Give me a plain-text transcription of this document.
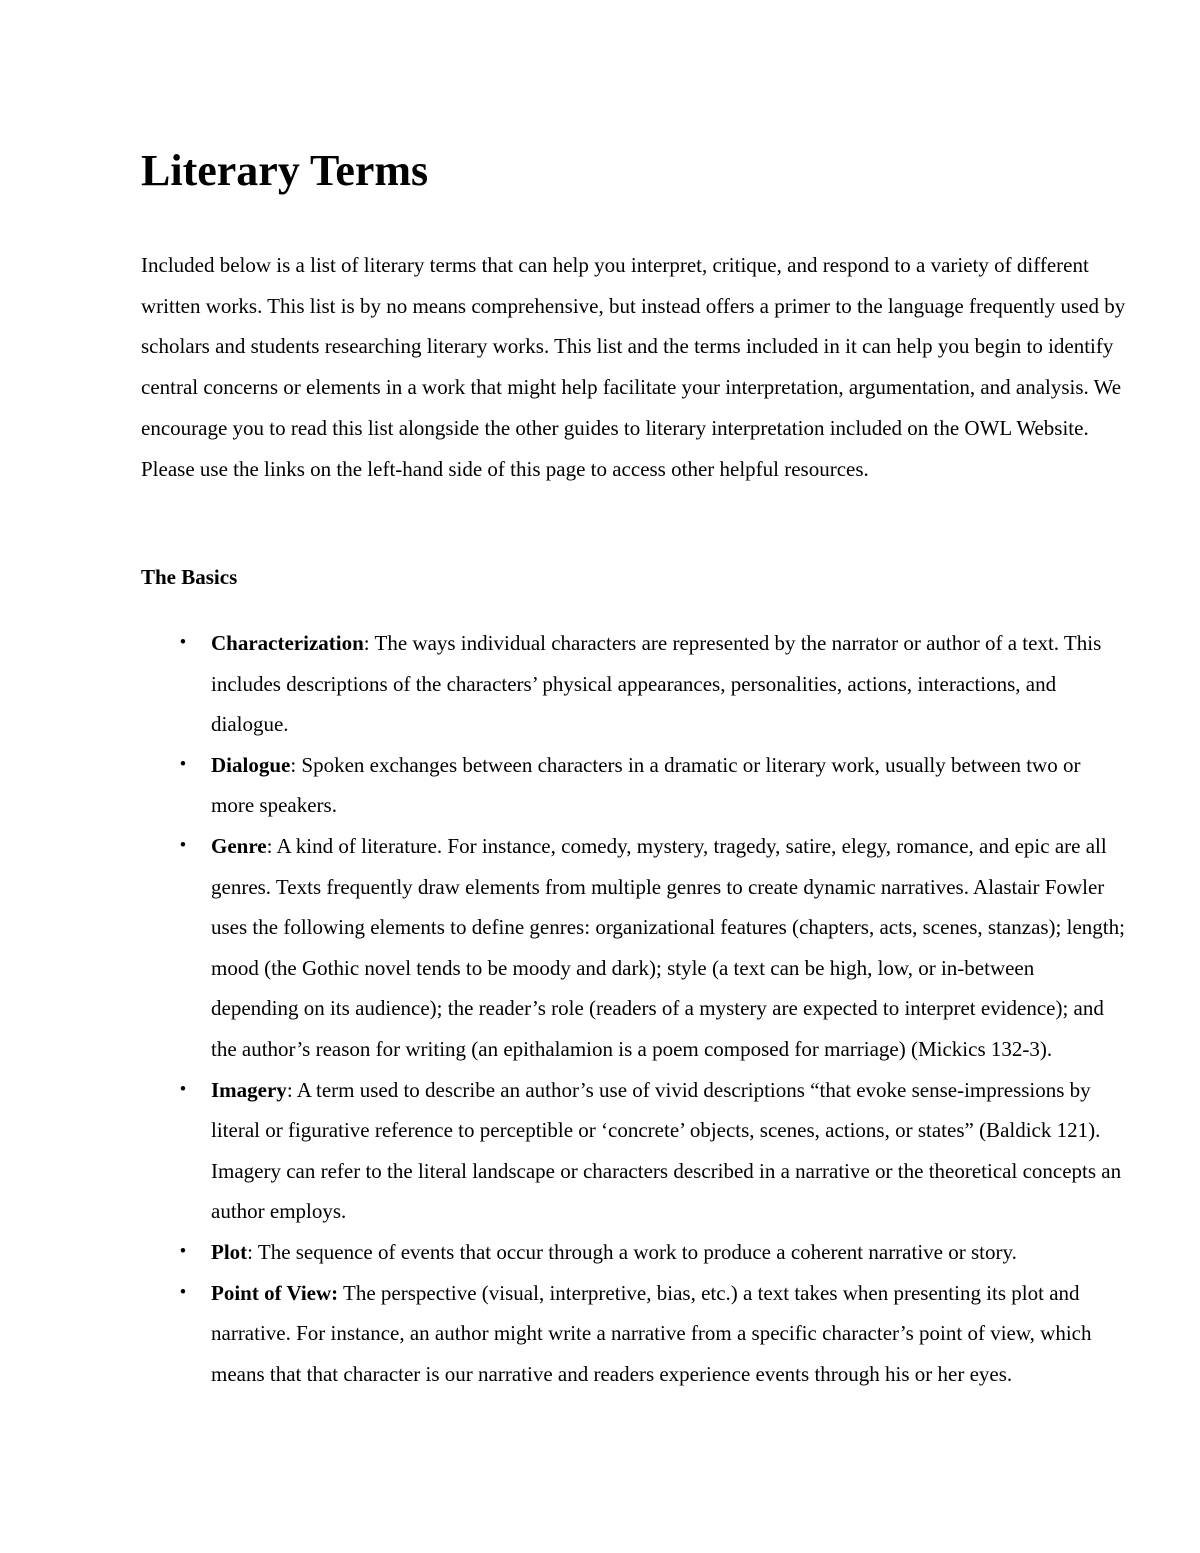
Literary Terms

Included below is a list of literary terms that can help you interpret, critique, and respond to a variety of different written works. This list is by no means comprehensive, but instead offers a primer to the language frequently used by scholars and students researching literary works. This list and the terms included in it can help you begin to identify central concerns or elements in a work that might help facilitate your interpretation, argumentation, and analysis. We encourage you to read this list alongside the other guides to literary interpretation included on the OWL Website. Please use the links on the left-hand side of this page to access other helpful resources.

The Basics
•	Characterization: The ways individual characters are represented by the narrator or author of a text. This includes descriptions of the characters’ physical appearances, personalities, actions, interactions, and dialogue.
•	Dialogue: Spoken exchanges between characters in a dramatic or literary work, usually between two or more speakers.
•	Genre: A kind of literature. For instance, comedy, mystery, tragedy, satire, elegy, romance, and epic are all genres. Texts frequently draw elements from multiple genres to create dynamic narratives. Alastair Fowler uses the following elements to define genres: organizational features (chapters, acts, scenes, stanzas); length; mood (the Gothic novel tends to be moody and dark); style (a text can be high, low, or in-between depending on its audience); the reader’s role (readers of a mystery are expected to interpret evidence); and the author’s reason for writing (an epithalamion is a poem composed for marriage) (Mickics 132-3).
•	Imagery: A term used to describe an author’s use of vivid descriptions “that evoke sense-impressions by literal or figurative reference to perceptible or ‘concrete’ objects, scenes, actions, or states” (Baldick 121). Imagery can refer to the literal landscape or characters described in a narrative or the theoretical concepts an author employs.
•	Plot: The sequence of events that occur through a work to produce a coherent narrative or story.
•	Point of View: The perspective (visual, interpretive, bias, etc.) a text takes when presenting its plot and narrative. For instance, an author might write a narrative from a specific character’s point of view, which means that that character is our narrative and readers experience events through his or her eyes.
